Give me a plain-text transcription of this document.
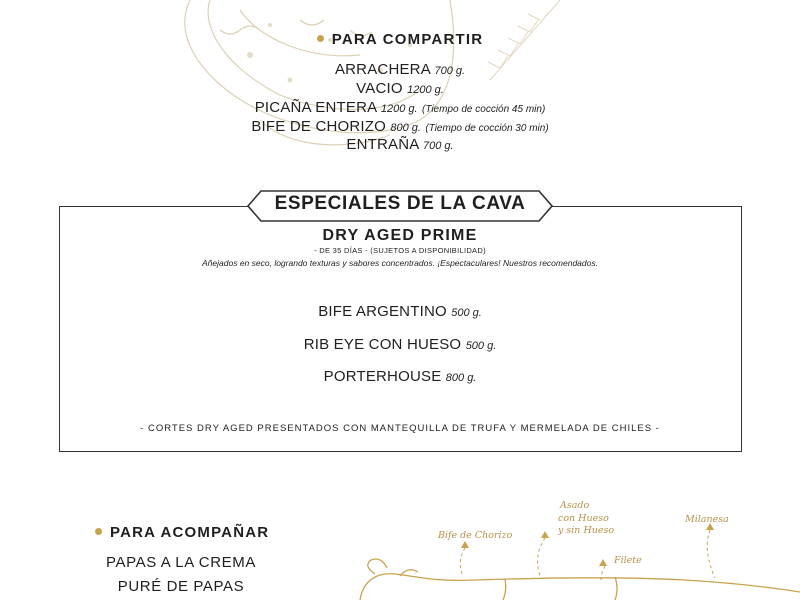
PARA COMPARTIR
ARRACHERA 700 g.
VACIO 1200 g.
PICAÑA ENTERA 1200 g. (Tiempo de cocción 45 min)
BIFE DE CHORIZO 800 g. (Tiempo de cocción 30 min)
ENTRAÑA 700 g.
ESPECIALES DE LA CAVA
DRY AGED PRIME
- DE 35 DÍAS - (SUJETOS A DISPONIBILIDAD)
Añejados en seco, logrando texturas y sabores concentrados. ¡Espectaculares! Nuestros recomendados.
BIFE ARGENTINO 500 g.
RIB EYE CON HUESO 500 g.
PORTERHOUSE 800 g.
- CORTES DRY AGED PRESENTADOS CON MANTEQUILLA DE TRUFA Y MERMELADA DE CHILES -
PARA ACOMPAÑAR
PAPAS A LA CREMA
PURÉ DE PAPAS
Bife de Chorizo
Asado
con Hueso
y sin Hueso
Filete
Milanesa
